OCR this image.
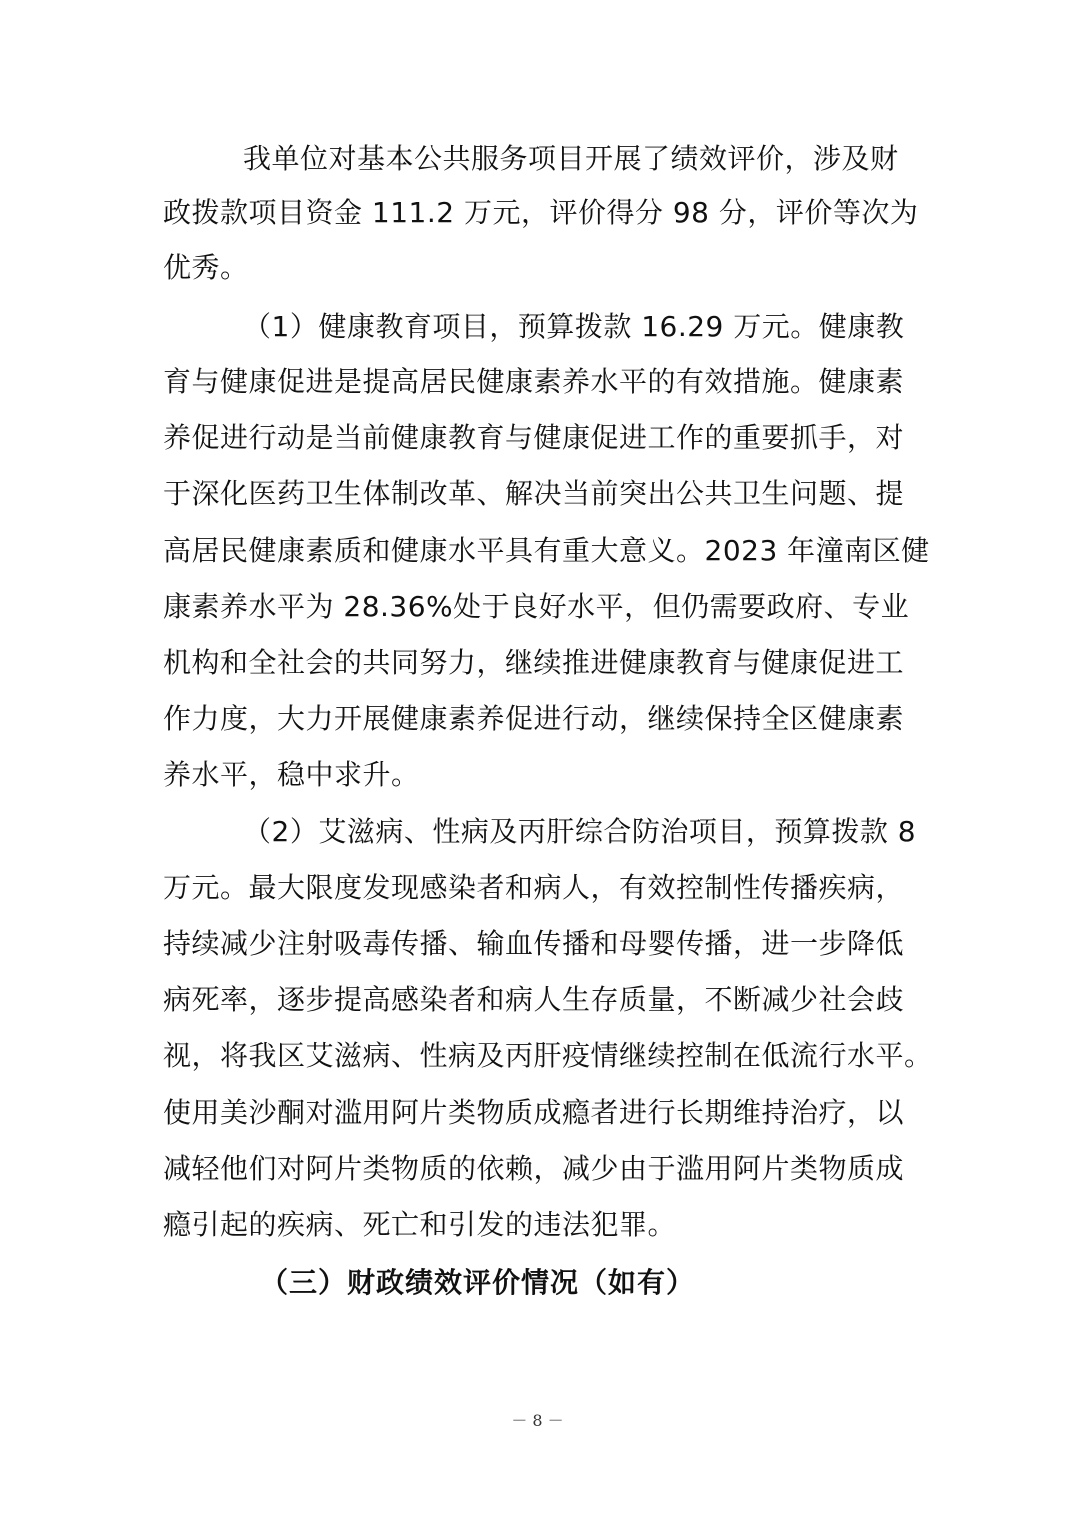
我单位对基本公共服务项目开展了绩效评价，涉及财
政拨款项目资金 111.2 万元，评价得分 98 分，评价等次为
优秀。
（1）健康教育项目，预算拨款 16.29 万元。健康教
育与健康促进是提高居民健康素养水平的有效措施。健康素
养促进行动是当前健康教育与健康促进工作的重要抓手，对
于深化医药卫生体制改革、解决当前突出公共卫生问题、提
高居民健康素质和健康水平具有重大意义。2023 年潼南区健
康素养水平为 28.36%处于良好水平，但仍需要政府、专业
机构和全社会的共同努力，继续推进健康教育与健康促进工
作力度，大力开展健康素养促进行动，继续保持全区健康素
养水平，稳中求升。
（2）艾滋病、性病及丙肝综合防治项目，预算拨款 8
万元。最大限度发现感染者和病人，有效控制性传播疾病，
持续减少注射吸毒传播、输血传播和母婴传播，进一步降低
病死率，逐步提高感染者和病人生存质量，不断减少社会歧
视，将我区艾滋病、性病及丙肝疫情继续控制在低流行水平。
使用美沙酮对滥用阿片类物质成瘾者进行长期维持治疗，以
减轻他们对阿片类物质的依赖，减少由于滥用阿片类物质成
瘾引起的疾病、死亡和引发的违法犯罪。
（三）财政绩效评价情况（如有）
－ 8 －
